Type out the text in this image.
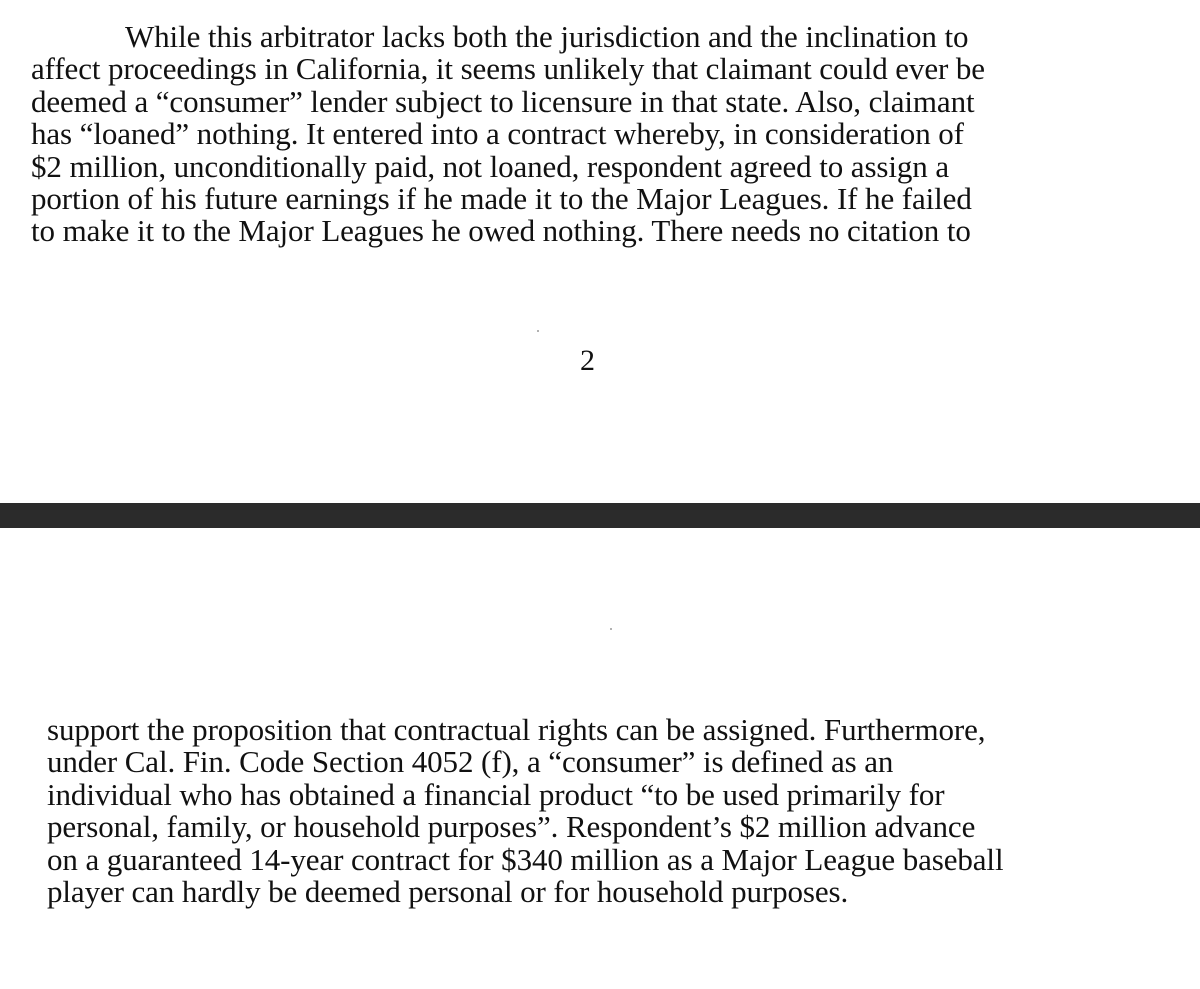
While this arbitrator lacks both the jurisdiction and the inclination to
affect proceedings in California, it seems unlikely that claimant could ever be
deemed a “consumer” lender subject to licensure in that state. Also, claimant
has “loaned” nothing. It entered into a contract whereby, in consideration of
$2 million, unconditionally paid, not loaned, respondent agreed to assign a
portion of his future earnings if he made it to the Major Leagues. If he failed
to make it to the Major Leagues he owed nothing. There needs no citation to
2
support the proposition that contractual rights can be assigned. Furthermore,
under Cal. Fin. Code Section 4052 (f), a “consumer” is defined as an
individual who has obtained a financial product “to be used primarily for
personal, family, or household purposes”. Respondent’s $2 million advance
on a guaranteed 14-year contract for $340 million as a Major League baseball
player can hardly be deemed personal or for household purposes.
